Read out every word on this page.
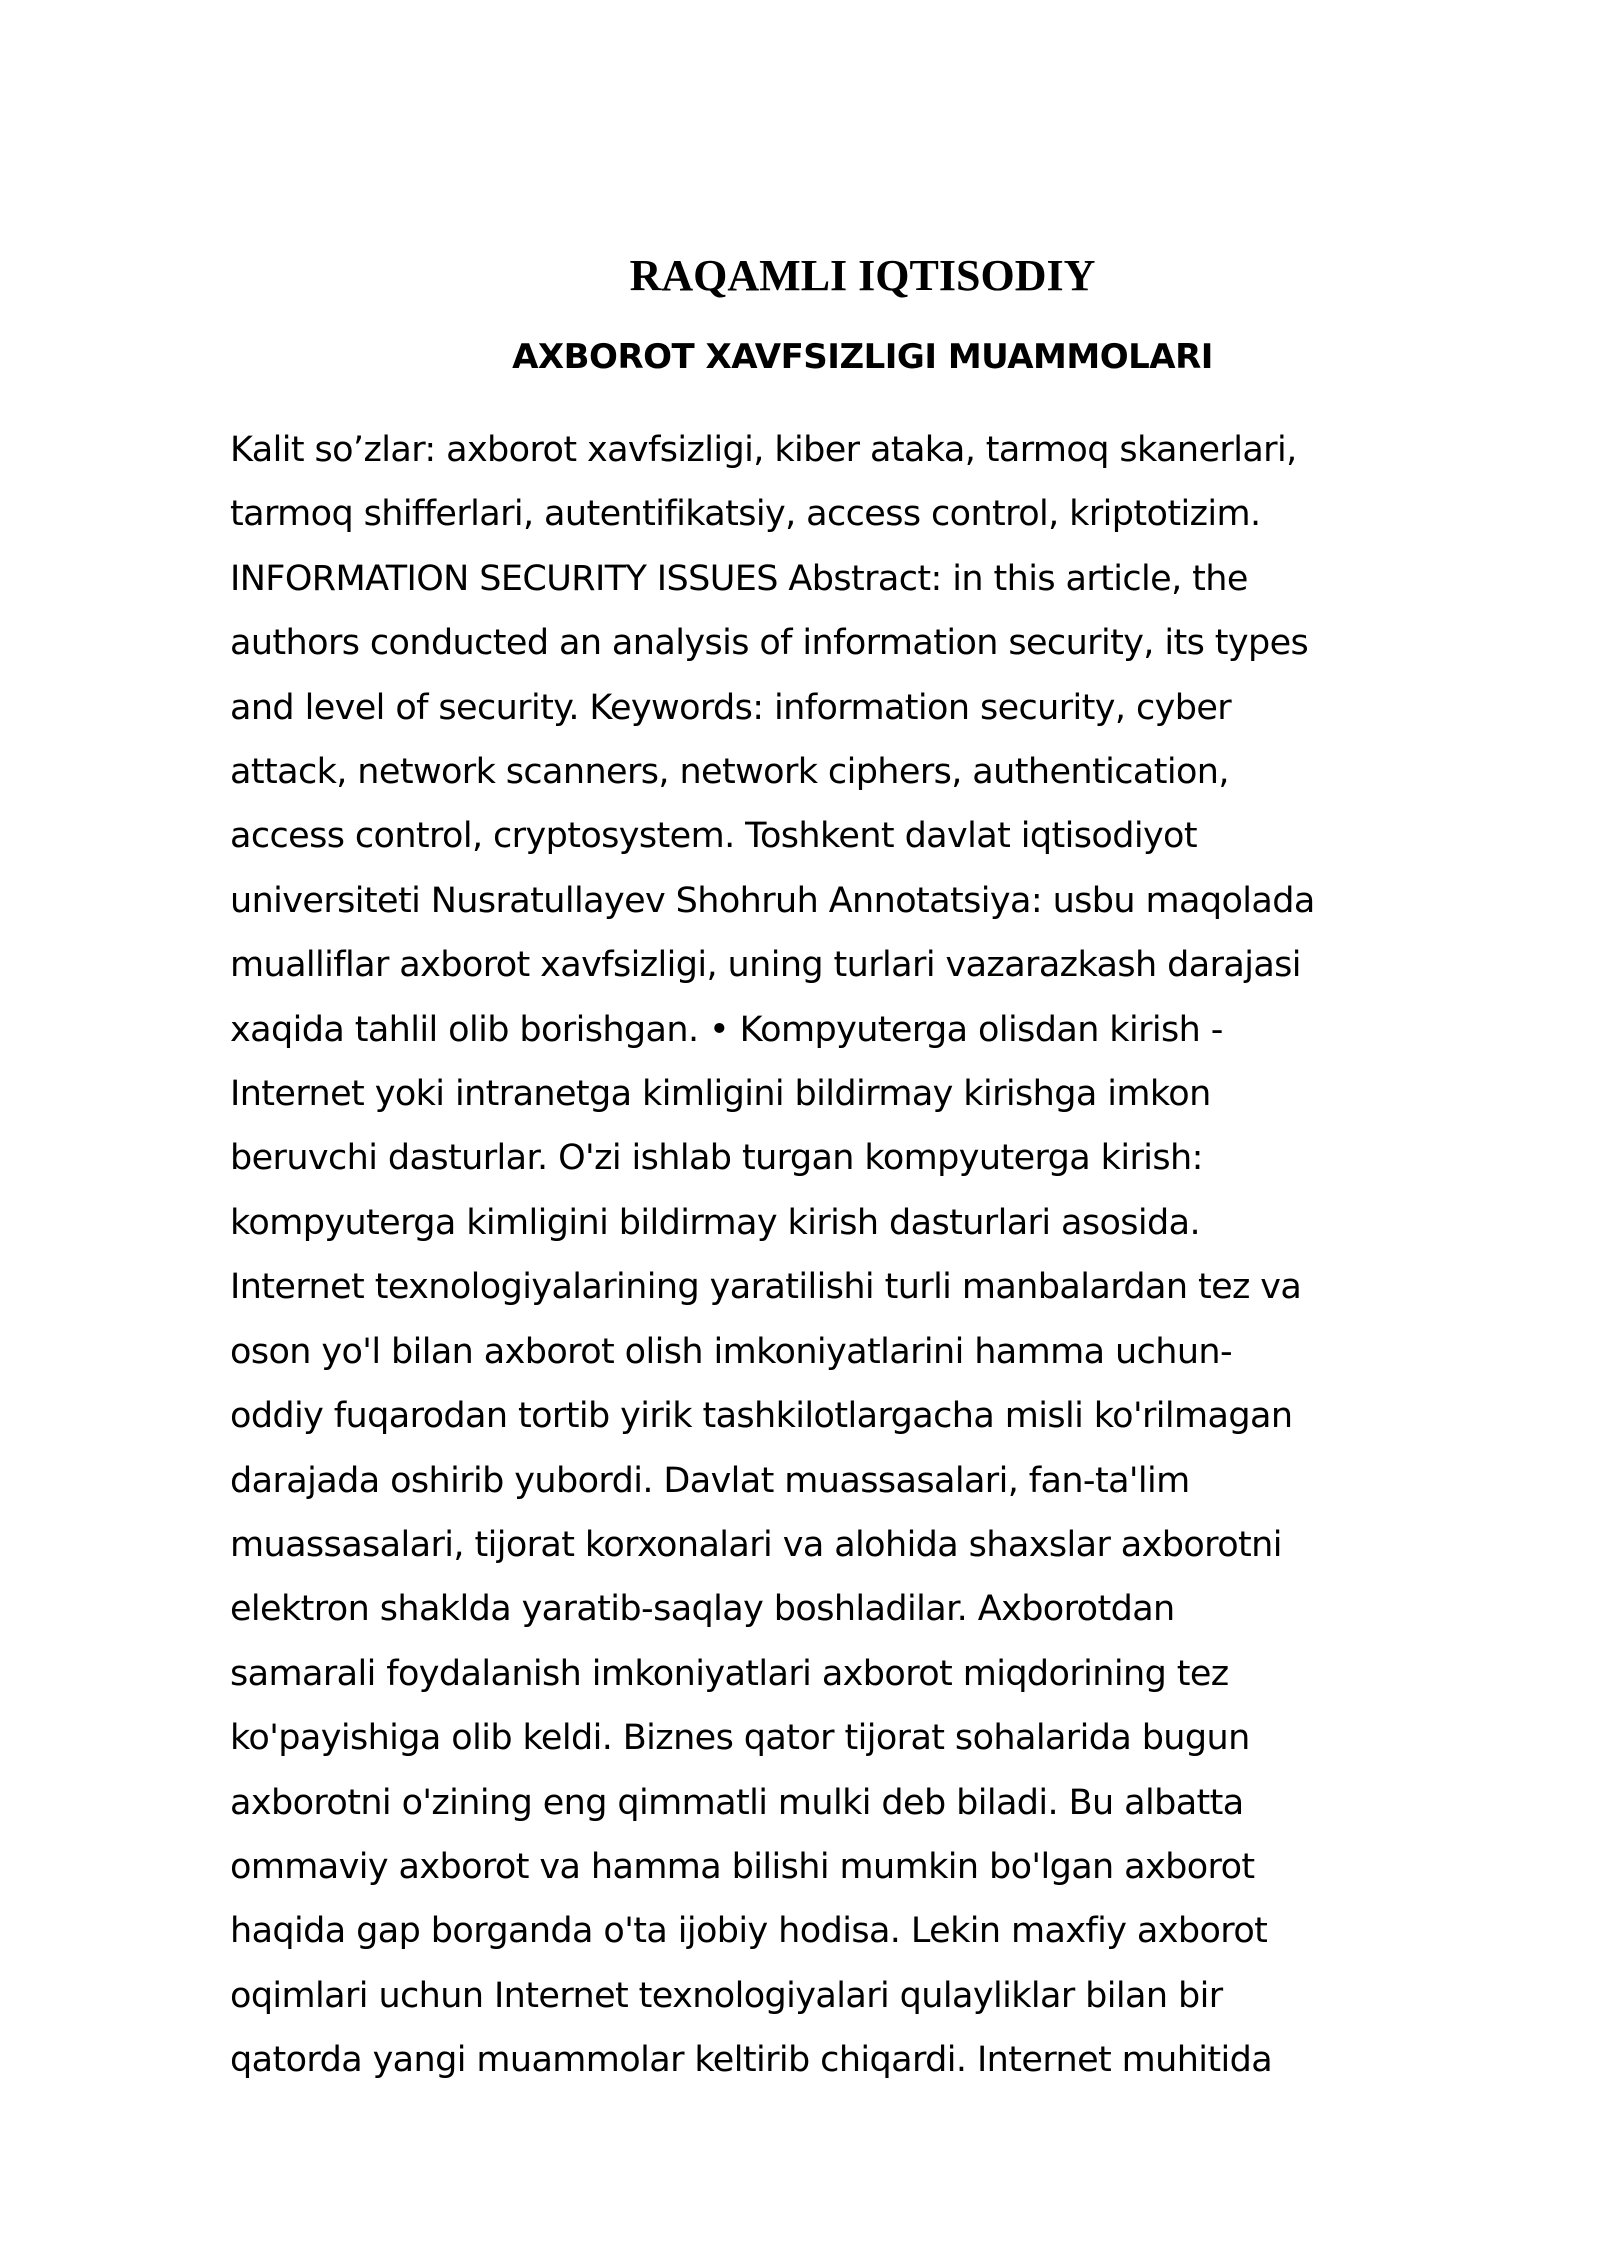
RAQAMLI IQTISODIY
AXBOROT XAVFSIZLIGI MUAMMOLARI
Kalit so’zlar: axborot xavfsizligi, kiber ataka, tarmoq skanerlari,
tarmoq shifferlari, autentifikatsiy, access control, kriptotizim.
INFORMATION SECURITY ISSUES Abstract: in this article, the
authors conducted an analysis of information security, its types
and level of security. Keywords: information security, cyber
attack, network scanners, network ciphers, authentication,
access control, cryptosystem. Toshkent davlat iqtisodiyot
universiteti Nusratullayev Shohruh Annotatsiya: usbu maqolada
mualliflar axborot xavfsizligi, uning turlari vazarazkash darajasi
xaqida tahlil olib borishgan. • Kompyuterga olisdan kirish -
Internet yoki intranetga kimligini bildirmay kirishga imkon
beruvchi dasturlar. O'zi ishlab turgan kompyuterga kirish:
kompyuterga kimligini bildirmay kirish dasturlari asosida.
Internet texnologiyalarining yaratilishi turli manbalardan tez va
oson yo'l bilan axborot olish imkoniyatlarini hamma uchun-
oddiy fuqarodan tortib yirik tashkilotlargacha misli ko'rilmagan
darajada oshirib yubordi. Davlat muassasalari, fan-ta'lim
muassasalari, tijorat korxonalari va alohida shaxslar axborotni
elektron shaklda yaratib-saqlay boshladilar. Axborotdan
samarali foydalanish imkoniyatlari axborot miqdorining tez
ko'payishiga olib keldi. Biznes qator tijorat sohalarida bugun
axborotni o'zining eng qimmatli mulki deb biladi. Bu albatta
ommaviy axborot va hamma bilishi mumkin bo'lgan axborot
haqida gap borganda o'ta ijobiy hodisa. Lekin maxfiy axborot
oqimlari uchun Internet texnologiyalari qulayliklar bilan bir
qatorda yangi muammolar keltirib chiqardi. Internet muhitida
